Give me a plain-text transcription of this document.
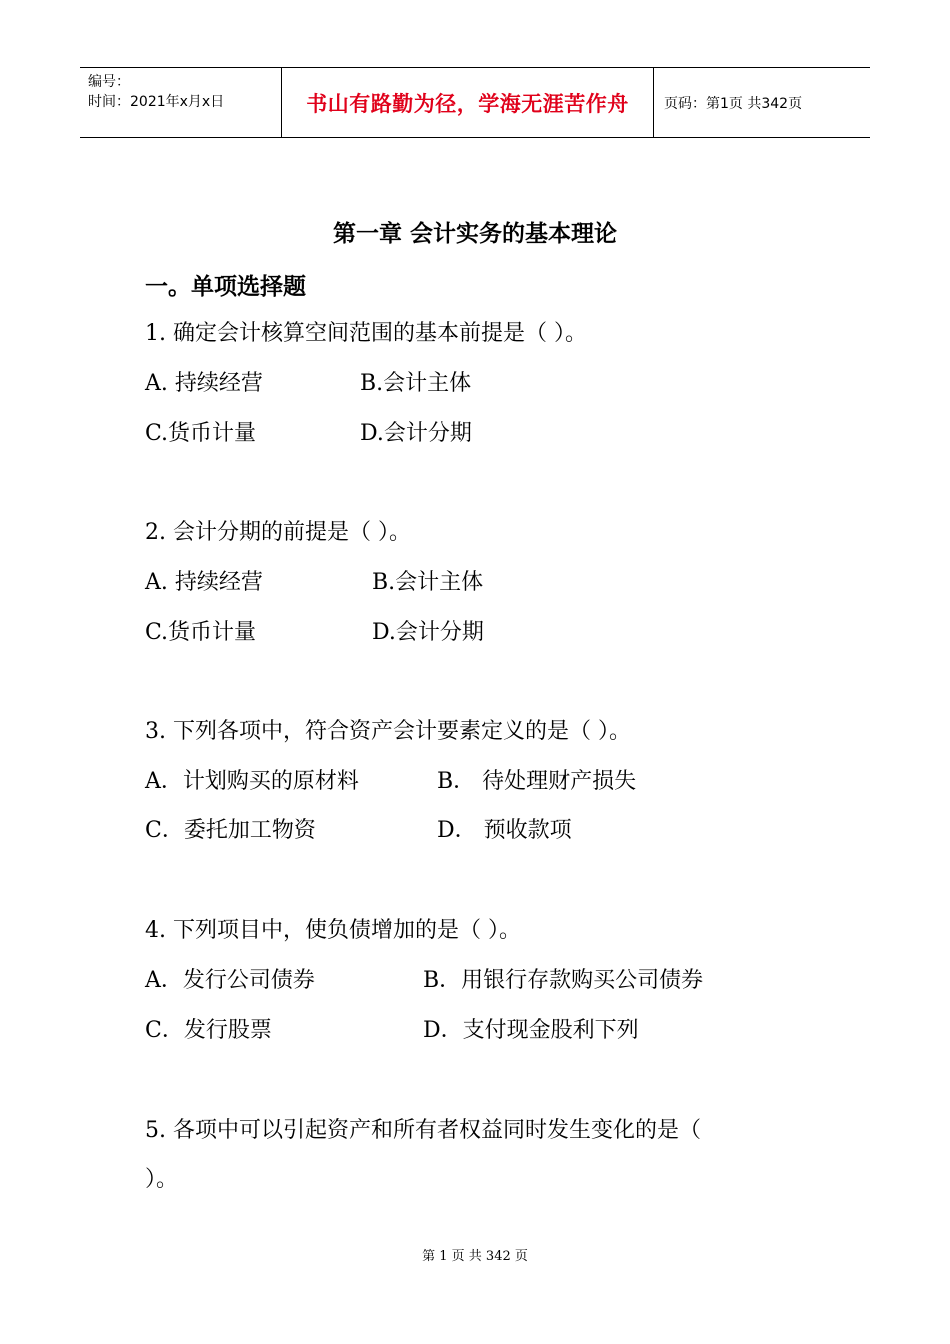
编号：
时间：2021年x月x日	书山有路勤为径，学海无涯苦作舟	页码：第1页 共342页
第一章 会计实务的基本理论
一。单项选择题
1. 确定会计核算空间范围的基本前提是（ ）。
A. 持续经营	B.会计主体
C.货币计量	D.会计分期
2. 会计分期的前提是（ ）。
A. 持续经营	B.会计主体
C.货币计量	D.会计分期
3. 下列各项中，符合资产会计要素定义的是（ ）。
A．计划购买的原材料	B． 待处理财产损失
C．委托加工物资	D． 预收款项
4. 下列项目中，使负债增加的是（ ）。
A．发行公司债券	B．用银行存款购买公司债券
C．发行股票	D．支付现金股利下列
5. 各项中可以引起资产和所有者权益同时发生变化的是（
）。
第 1 页 共 342 页
